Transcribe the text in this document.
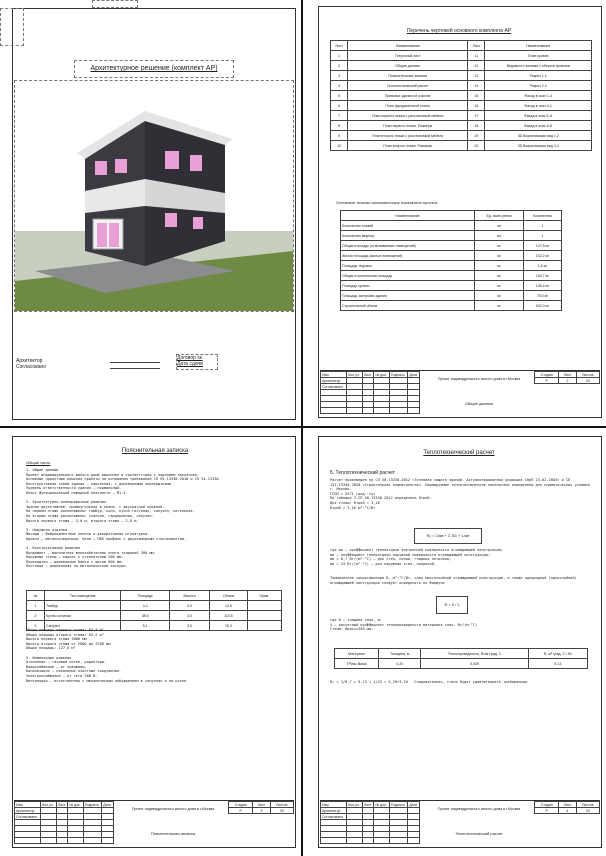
Архитектурное решение (комплект АР)
Архитектор
Согласовано
Договор №
Дата сдачи
Перечень чертежей основного комплекта АР
Лист	Наименование	Лист	Наименование
1	Титульный лист	11	План кровли
2	Общие данные	12	Ведомость заливки с обертки проемов
3	Пояснительная записка	13	Разрез 1-1
4	Теплотехнический расчет	14	Разрез 2-2
5	Привязка здания на участке	15	Фасад в осях 1-4
6	План фундаментной плиты	16	Фасад в осях 4-1
7	План первого этажа с расстановкой мебели	17	Фасад в осях Б-А
8	План первого этажа. Размеры	18	Фасад в осях А-Б
9	План второго этажа с расстановкой мебели	19	3D Визуализация вид 1,2
10	План второго этажа. Размеры	20	3D Визуализация вид 3,4
Основные технико-экономические показатели проекта
Наименование	Ед. изме-рения	Количество
Количество этажей	шт	1
Количество квартир	шт	1
Общая площадь (отапливаемых помещений)	м²	127,5 м²
Жилая площадь (жилых помещений)	м²	102,2 м²
Площадь террасы	м²	1,6 м²
Общая строительная площадь	м²	154,7 м²
Площадь кровли	м²	105,4 м²
Площадь застройки здания	м²	75,0 м²
Строительный объем	м³	542,0 м³
Изм.	Кол.уч.	Лист	№ док.	Подпись	Дата
Архитектор					
Согласовано					

Проект индивидуального жилого дома в г.Москва
Общие данные
Стадия	Лист	Листов
Р	2	20
Пояснительная записка
Общая часть
1. Общие данные
Проект индивидуального жилого дома выполнен в соответствии с заданием заказчика.
Основные проектные решения приняты на основании требований СП 55.13330.2016 и СП 54.13330.
Конструктивная схема здания — каркасная, с деревянными перекрытиями.
Уровень ответственности здания — нормальный.
Класс функциональной пожарной опасности — Ф1.4.

2. Архитектурно-планировочные решения
Здание двухэтажное, прямоугольное в плане, с двускатной кровлей.
На первом этаже расположены: тамбур, холл, кухня-гостиная, санузел, котельная.
На втором этаже расположены: спальни, гардеробная, санузел.
Высота первого этажа — 3,0 м, второго этажа — 2,8 м.

3. Наружная отделка
Фасады — фиброцементные панели и декоративная штукатурка.
Кровля — металлочерепица. Окна — ПВХ профиль с двухкамерным стеклопакетом.

4. Конструктивные решения
Фундамент — монолитная железобетонная плита толщиной 300 мм.
Наружные стены — каркас с утеплителем 200 мм.
Перекрытия — деревянные балки с шагом 600 мм.
Лестница — деревянная на металлическом косоуре.
№	Тип помещения	Площадь	Высота	Объем	Прим.
1	Тамбур	4,2	3,0	12,6	
2	Кухня-гостиная	38,5	3,0	115,5	
3	Санузел	5,1	3,0	15,3	
Общая площадь первого этажа: 64,3 м²
Общая площадь второго этажа: 63,2 м²
Высота первого этажа 3000 мм
Высота второго этажа от 2800 до 3700 мм
Общая площадь: 127,5 м²

5. Инженерные решения
Отопление — газовый котел, радиаторы.
Водоснабжение — от скважины.
Канализация — локальные очистные сооружения.
Электроснабжение — от сети 380 В.
Вентиляция — естественная с механическим побуждением в санузлах и на кухне.
Изм.	Кол.уч.	Лист	№ док.	Подпись	Дата
Архитектор					
Согласовано					

Проект индивидуального жилого дома в г.Москва
Пояснительная записка
Стадия	Лист	Листов
Р	3	20
Теплотехнический расчет
5. Теплотехнический расчет
Расчет произведен по СП 50.13330.2012 «Тепловая защита зданий. Актуализированная редакция СНиП 23-02-2003» и СП 131.13330.2020 «Строительная климатология». Нормируемые теплотехнические показатели определены для климатических условий г. Москва.
ГСОП = 5271 град.·сут
По таблице 3 СП 50.13330.2012 определено Rтреб.
Для стены: Rтреб = 3,16
Rтреб = 3,16 м²·°С/Вт
R₀ = 1/αв + Σ δ/λ + 1/αн
где αв — коэффициент теплоотдачи внутренней поверхности ограждающей конструкции;
αн — коэффициент теплоотдачи наружной поверхности ограждающей конструкции;
αв = 8,7 Вт/(м²·°С) — для стен, полов, гладких потолков;
αн = 23 Вт/(м²·°С) — для наружных стен, покрытий.
Термическое сопротивление R, м²·°С/Вт, слоя многослойной ограждающей конструкции, а также однородной (однослойной) ограждающей конструкции следует определять по формуле
R = δ / λ
где δ — толщина слоя, м;
λ — расчетный коэффициент теплопроводности материала слоя, Вт/(м·°С)
Стены: Rрасч=250 мм.
Материал	Толщина, м	Теплопроводность, Вт/м град. С	R, м² град. С / Вт
ТРиас Basis	0,20	0,039	5,13
R₀ = 1/8,7 + 5,13 + 1/23 = 5,29>3,16   Следовательно, стена будет удовлетворять требованиям.
Изм.	Кол.уч.	Лист	№ док.	Подпись	Дата
Архитектор					
Согласовано					

Проект индивидуального жилого дома в г.Москва
Теплотехнический расчет
Стадия	Лист	Листов
Р	4	20
